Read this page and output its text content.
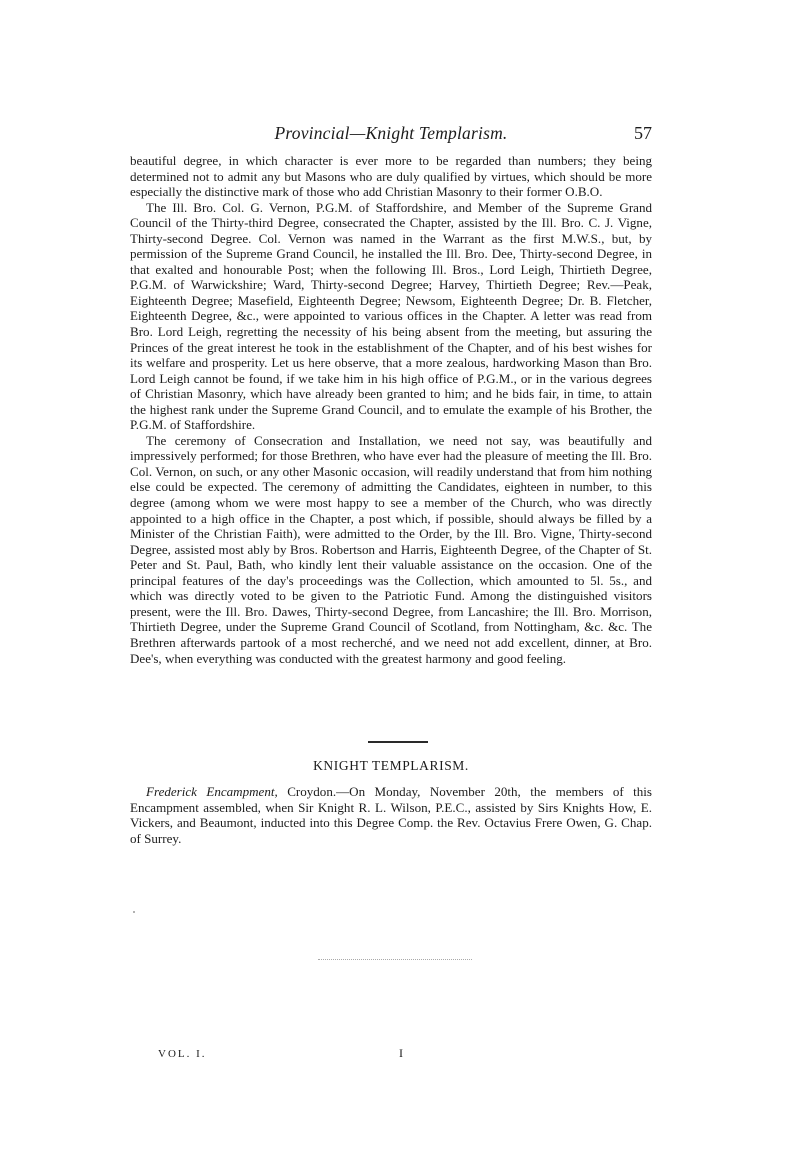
Provincial—Knight Templarism.	57

beautiful degree, in which character is ever more to be regarded than numbers; they being determined not to admit any but Masons who are duly qualified by virtues, which should be more especially the distinctive mark of those who add Christian Masonry to their former O.B.O.

The Ill. Bro. Col. G. Vernon, P.G.M. of Staffordshire, and Member of the Supreme Grand Council of the Thirty-third Degree, consecrated the Chapter, assisted by the Ill. Bro. C. J. Vigne, Thirty-second Degree. Col. Vernon was named in the Warrant as the first M.W.S., but, by permission of the Supreme Grand Council, he installed the Ill. Bro. Dee, Thirty-second Degree, in that exalted and honourable Post; when the following Ill. Bros., Lord Leigh, Thirtieth Degree, P.G.M. of Warwickshire; Ward, Thirty-second Degree; Harvey, Thirtieth Degree; Rev.—Peak, Eighteenth Degree; Masefield, Eighteenth Degree; Newsom, Eighteenth Degree; Dr. B. Fletcher, Eighteenth Degree, &c., were appointed to various offices in the Chapter. A letter was read from Bro. Lord Leigh, regretting the necessity of his being absent from the meeting, but assuring the Princes of the great interest he took in the establishment of the Chapter, and of his best wishes for its welfare and prosperity. Let us here observe, that a more zealous, hardworking Mason than Bro. Lord Leigh cannot be found, if we take him in his high office of P.G.M., or in the various degrees of Christian Masonry, which have already been granted to him; and he bids fair, in time, to attain the highest rank under the Supreme Grand Council, and to emulate the example of his Brother, the P.G.M. of Staffordshire.

The ceremony of Consecration and Installation, we need not say, was beautifully and impressively performed; for those Brethren, who have ever had the pleasure of meeting the Ill. Bro. Col. Vernon, on such, or any other Masonic occasion, will readily understand that from him nothing else could be expected. The ceremony of admitting the Candidates, eighteen in number, to this degree (among whom we were most happy to see a member of the Church, who was directly appointed to a high office in the Chapter, a post which, if possible, should always be filled by a Minister of the Christian Faith), were admitted to the Order, by the Ill. Bro. Vigne, Thirty-second Degree, assisted most ably by Bros. Robertson and Harris, Eighteenth Degree, of the Chapter of St. Peter and St. Paul, Bath, who kindly lent their valuable assistance on the occasion. One of the principal features of the day's proceedings was the Collection, which amounted to 5l. 5s., and which was directly voted to be given to the Patriotic Fund. Among the distinguished visitors present, were the Ill. Bro. Dawes, Thirty-second Degree, from Lancashire; the Ill. Bro. Morrison, Thirtieth Degree, under the Supreme Grand Council of Scotland, from Nottingham, &c. &c. The Brethren afterwards partook of a most recherché, and we need not add excellent, dinner, at Bro. Dee's, when everything was conducted with the greatest harmony and good feeling.

KNIGHT TEMPLARISM.

Frederick Encampment, Croydon.—On Monday, November 20th, the members of this Encampment assembled, when Sir Knight R. L. Wilson, P.E.C., assisted by Sirs Knights How, E. Vickers, and Beaumont, inducted into this Degree Comp. the Rev. Octavius Frere Owen, G. Chap. of Surrey.

VOL. I.	I
